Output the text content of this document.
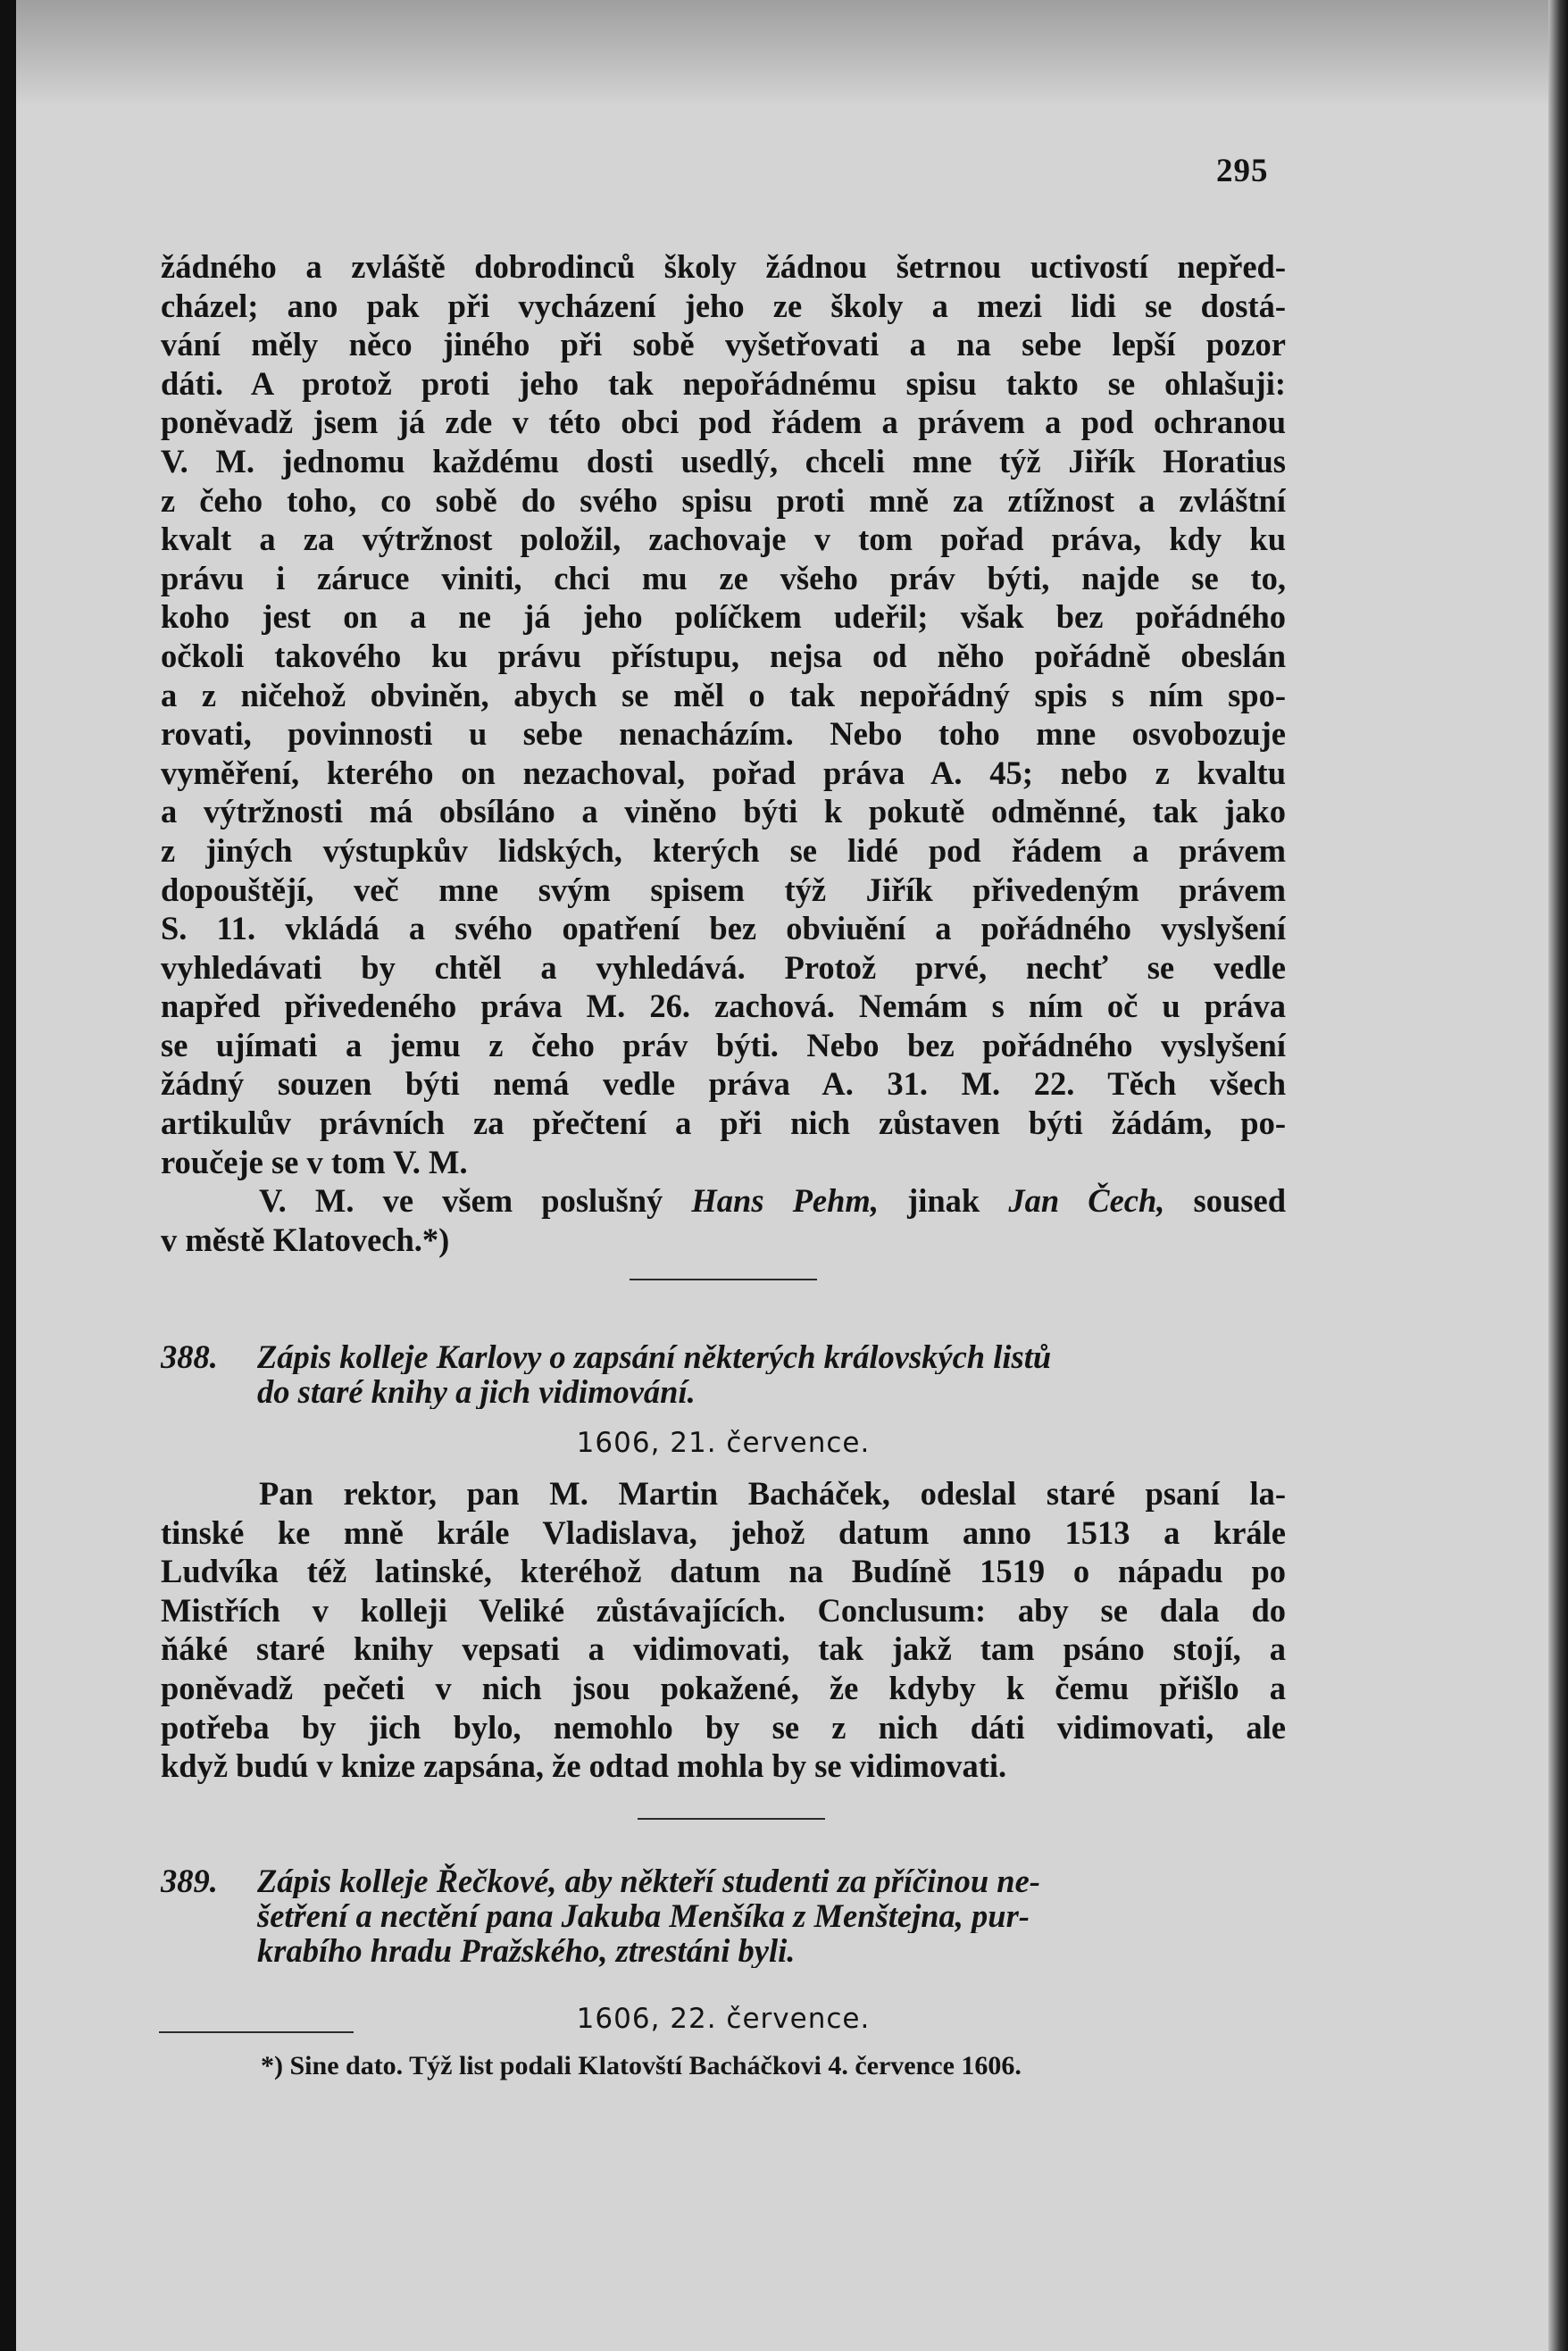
295
žádného a zvláště dobrodinců školy žádnou šetrnou uctivostí nepřed-
cházel; ano pak při vycházení jeho ze školy a mezi lidi se dostá-
vání měly něco jiného při sobě vyšetřovati a na sebe lepší pozor
dáti. A protož proti jeho tak nepořádnému spisu takto se ohlašuji:
poněvadž jsem já zde v této obci pod řádem a právem a pod ochranou
V. M. jednomu každému dosti usedlý, chceli mne týž Jiřík Horatius
z čeho toho, co sobě do svého spisu proti mně za ztížnost a zvláštní
kvalt a za výtržnost položil, zachovaje v tom pořad práva, kdy ku
právu i záruce viniti, chci mu ze všeho práv býti, najde se to,
koho jest on a ne já jeho políčkem udeřil; však bez pořádného
očkoli takového ku právu přístupu, nejsa od něho pořádně obeslán
a z ničehož obviněn, abych se měl o tak nepořádný spis s ním spo-
rovati, povinnosti u sebe nenacházím. Nebo toho mne osvobozuje
vyměření, kterého on nezachoval, pořad práva A. 45; nebo z kvaltu
a výtržnosti má obsíláno a viněno býti k pokutě odměnné, tak jako
z jiných výstupkův lidských, kterých se lidé pod řádem a právem
dopouštějí, več mne svým spisem týž Jiřík přivedeným právem
S. 11. vkládá a svého opatření bez obviuění a pořádného vyslyšení
vyhledávati by chtěl a vyhledává. Protož prvé, nechť se vedle
napřed přivedeného práva M. 26. zachová. Nemám s ním oč u práva
se ujímati a jemu z čeho práv býti. Nebo bez pořádného vyslyšení
žádný souzen býti nemá vedle práva A. 31. M. 22. Těch všech
artikulův právních za přečtení a při nich zůstaven býti žádám, po-
roučeje se v tom V. M.
V. M. ve všem poslušný Hans Pehm, jinak Jan Čech, soused
v městě Klatovech.*)
388. Zápis kolleje Karlovy o zapsání některých královských listů
do staré knihy a jich vidimování.
1606, 21. července.
Pan rektor, pan M. Martin Bacháček, odeslal staré psaní la-
tinské ke mně krále Vladislava, jehož datum anno 1513 a krále
Ludvíka též latinské, kteréhož datum na Budíně 1519 o nápadu po
Mistřích v kolleji Veliké zůstávajících. Conclusum: aby se dala do
ňáké staré knihy vepsati a vidimovati, tak jakž tam psáno stojí, a
poněvadž pečeti v nich jsou pokažené, že kdyby k čemu přišlo a
potřeba by jich bylo, nemohlo by se z nich dáti vidimovati, ale
když budú v knize zapsána, že odtad mohla by se vidimovati.
389. Zápis kolleje Řečkové, aby někteří studenti za příčinou ne-
šetření a nectění pana Jakuba Menšíka z Menštejna, pur-
krabího hradu Pražského, ztrestáni byli.
1606, 22. července.
*) Sine dato. Týž list podali Klatovští Bacháčkovi 4. července 1606.
